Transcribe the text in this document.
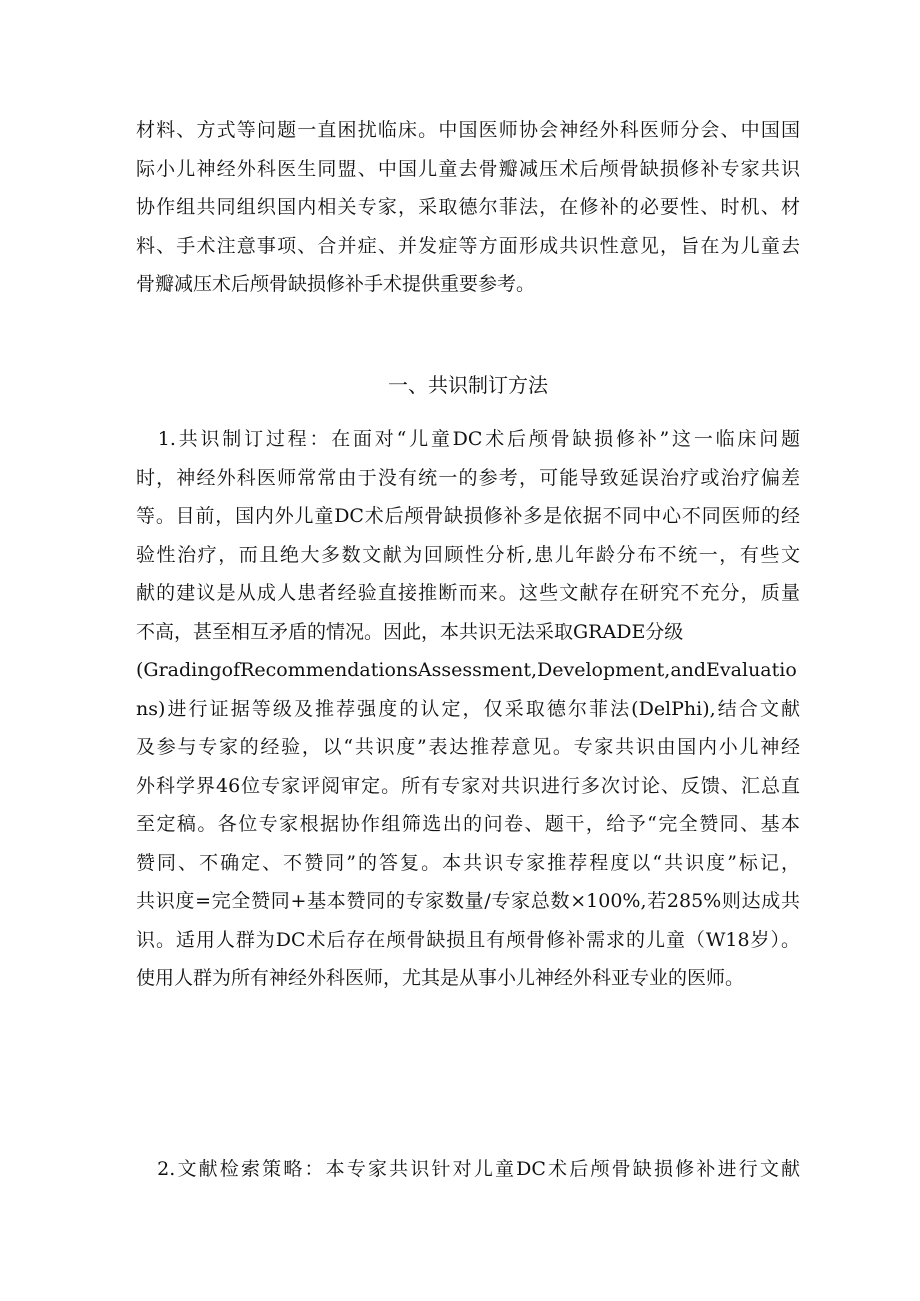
材料、方式等问题一直困扰临床。中国医师协会神经外科医师分会、中国国
际小儿神经外科医生同盟、中国儿童去骨瓣减压术后颅骨缺损修补专家共识
协作组共同组织国内相关专家，采取德尔菲法，在修补的必要性、时机、材
料、手术注意事项、合并症、并发症等方面形成共识性意见，旨在为儿童去
骨瓣减压术后颅骨缺损修补手术提供重要参考。
一、共识制订方法
　1.共识制订过程：在面对“儿童DC术后颅骨缺损修补”这一临床问题
时，神经外科医师常常由于没有统一的参考，可能导致延误治疗或治疗偏差
等。目前，国内外儿童DC术后颅骨缺损修补多是依据不同中心不同医师的经
验性治疗，而且绝大多数文献为回顾性分析,患儿年龄分布不统一，有些文
献的建议是从成人患者经验直接推断而来。这些文献存在研究不充分，质量
不高，甚至相互矛盾的情况。因此，本共识无法采取GRADE分级
(GradingofRecommendationsAssessment,Development,andEvaluatio
ns)进行证据等级及推荐强度的认定，仅采取德尔菲法(DelPhi),结合文献
及参与专家的经验，以“共识度”表达推荐意见。专家共识由国内小儿神经
外科学界46位专家评阅审定。所有专家对共识进行多次讨论、反馈、汇总直
至定稿。各位专家根据协作组筛选出的问卷、题干，给予“完全赞同、基本
赞同、不确定、不赞同”的答复。本共识专家推荐程度以“共识度”标记，
共识度=完全赞同+基本赞同的专家数量/专家总数×100%,若285%则达成共
识。适用人群为DC术后存在颅骨缺损且有颅骨修补需求的儿童（W18岁）。
使用人群为所有神经外科医师，尤其是从事小儿神经外科亚专业的医师。
　2.文献检索策略：本专家共识针对儿童DC术后颅骨缺损修补进行文献
